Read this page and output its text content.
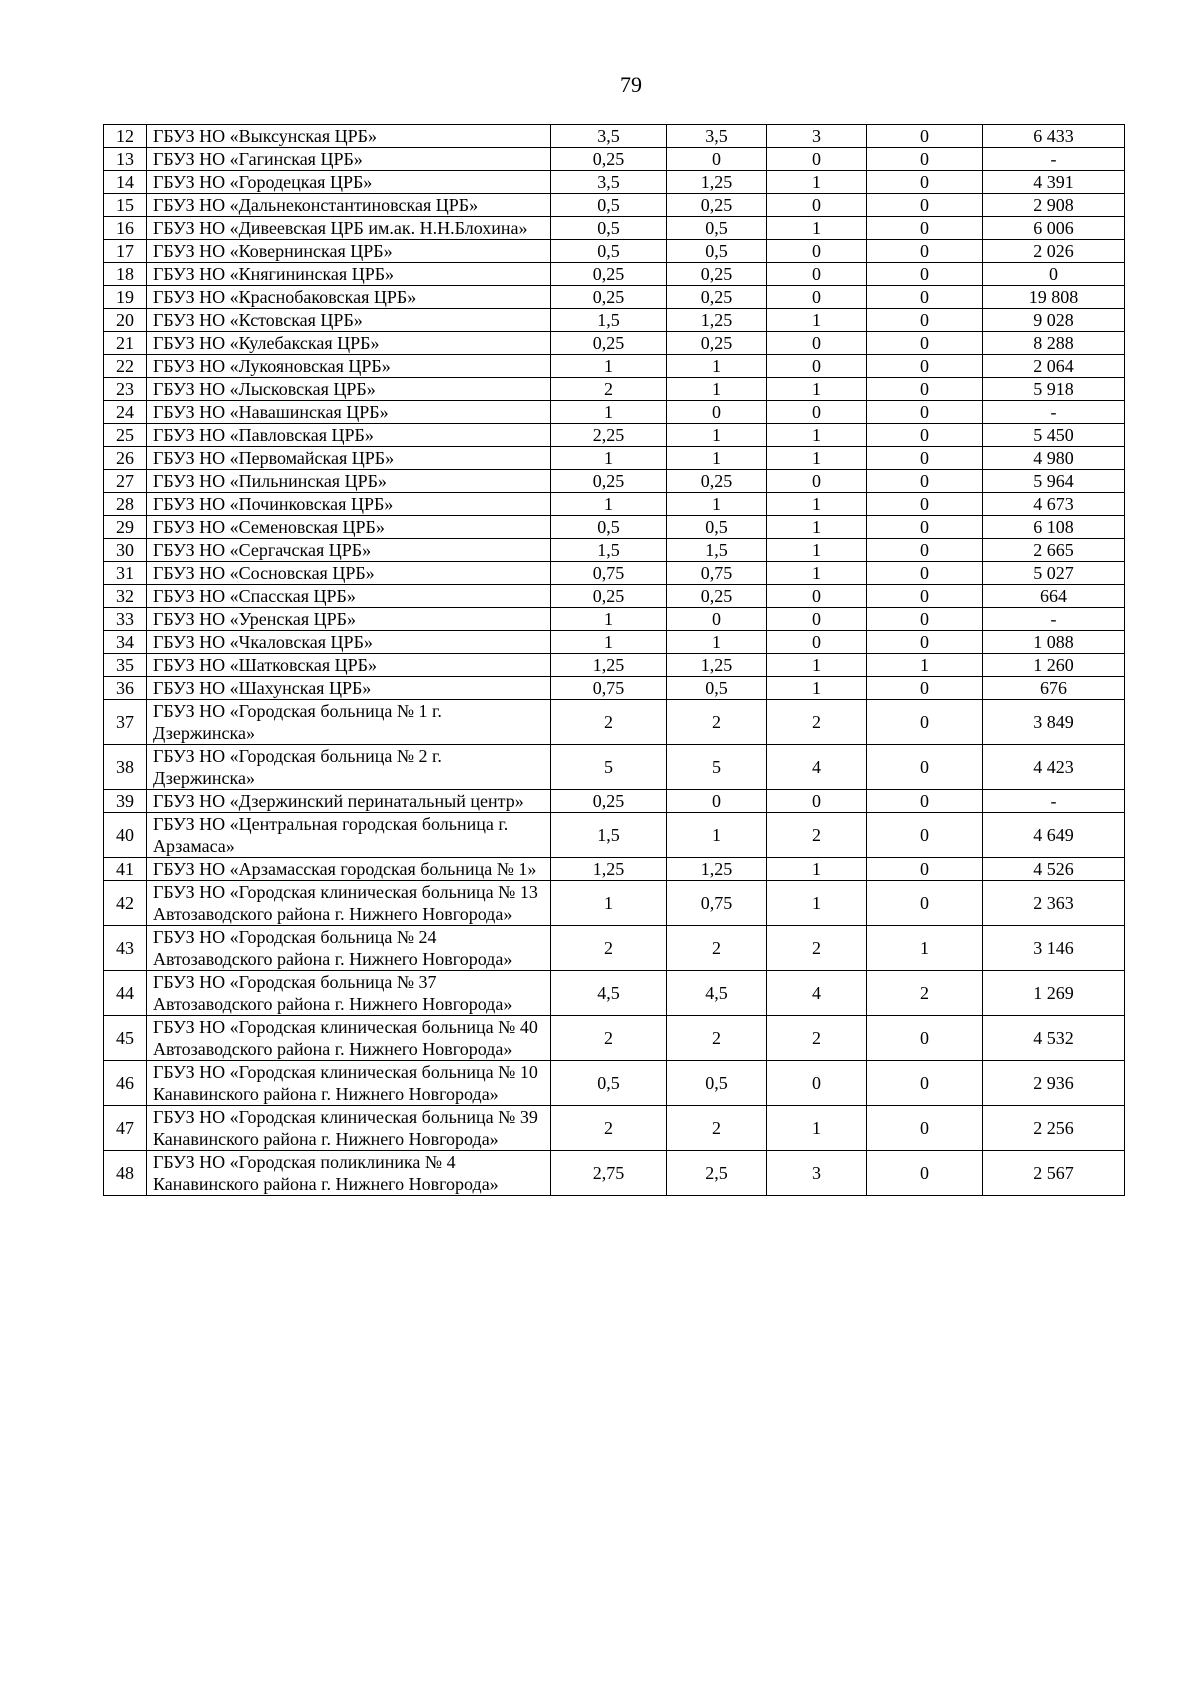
79
12	ГБУЗ НО «Выксунская ЦРБ»	3,5	3,5	3	0	6 433
13	ГБУЗ НО «Гагинская ЦРБ»	0,25	0	0	0	-
14	ГБУЗ НО «Городецкая ЦРБ»	3,5	1,25	1	0	4 391
15	ГБУЗ НО «Дальнеконстантиновская ЦРБ»	0,5	0,25	0	0	2 908
16	ГБУЗ НО «Дивеевская ЦРБ им.ак. Н.Н.Блохина»	0,5	0,5	1	0	6 006
17	ГБУЗ НО «Ковернинская ЦРБ»	0,5	0,5	0	0	2 026
18	ГБУЗ НО «Княгининская ЦРБ»	0,25	0,25	0	0	0
19	ГБУЗ НО «Краснобаковская ЦРБ»	0,25	0,25	0	0	19 808
20	ГБУЗ НО «Кстовская ЦРБ»	1,5	1,25	1	0	9 028
21	ГБУЗ НО «Кулебакская ЦРБ»	0,25	0,25	0	0	8 288
22	ГБУЗ НО «Лукояновская ЦРБ»	1	1	0	0	2 064
23	ГБУЗ НО «Лысковская ЦРБ»	2	1	1	0	5 918
24	ГБУЗ НО «Навашинская ЦРБ»	1	0	0	0	-
25	ГБУЗ НО «Павловская ЦРБ»	2,25	1	1	0	5 450
26	ГБУЗ НО «Первомайская ЦРБ»	1	1	1	0	4 980
27	ГБУЗ НО «Пильнинская ЦРБ»	0,25	0,25	0	0	5 964
28	ГБУЗ НО «Починковская ЦРБ»	1	1	1	0	4 673
29	ГБУЗ НО «Семеновская ЦРБ»	0,5	0,5	1	0	6 108
30	ГБУЗ НО «Сергачская ЦРБ»	1,5	1,5	1	0	2 665
31	ГБУЗ НО «Сосновская ЦРБ»	0,75	0,75	1	0	5 027
32	ГБУЗ НО «Спасская ЦРБ»	0,25	0,25	0	0	664
33	ГБУЗ НО «Уренская ЦРБ»	1	0	0	0	-
34	ГБУЗ НО «Чкаловская ЦРБ»	1	1	0	0	1 088
35	ГБУЗ НО «Шатковская ЦРБ»	1,25	1,25	1	1	1 260
36	ГБУЗ НО «Шахунская ЦРБ»	0,75	0,5	1	0	676
37	ГБУЗ НО «Городская больница № 1 г. Дзержинска»	2	2	2	0	3 849
38	ГБУЗ НО «Городская больница № 2 г. Дзержинска»	5	5	4	0	4 423
39	ГБУЗ НО «Дзержинский перинатальный центр»	0,25	0	0	0	-
40	ГБУЗ НО «Центральная городская больница г. Арзамаса»	1,5	1	2	0	4 649
41	ГБУЗ НО «Арзамасская городская больница № 1»	1,25	1,25	1	0	4 526
42	ГБУЗ НО «Городская клиническая больница № 13 Автозаводского района г. Нижнего Новгорода»	1	0,75	1	0	2 363
43	ГБУЗ НО «Городская больница № 24 Автозаводского района г. Нижнего Новгорода»	2	2	2	1	3 146
44	ГБУЗ НО «Городская больница № 37 Автозаводского района г. Нижнего Новгорода»	4,5	4,5	4	2	1 269
45	ГБУЗ НО «Городская клиническая больница № 40 Автозаводского района г. Нижнего Новгорода»	2	2	2	0	4 532
46	ГБУЗ НО «Городская клиническая больница № 10 Канавинского района г. Нижнего Новгорода»	0,5	0,5	0	0	2 936
47	ГБУЗ НО «Городская клиническая больница № 39 Канавинского района г. Нижнего Новгорода»	2	2	1	0	2 256
48	ГБУЗ НО «Городская поликлиника № 4 Канавинского района г. Нижнего Новгорода»	2,75	2,5	3	0	2 567
